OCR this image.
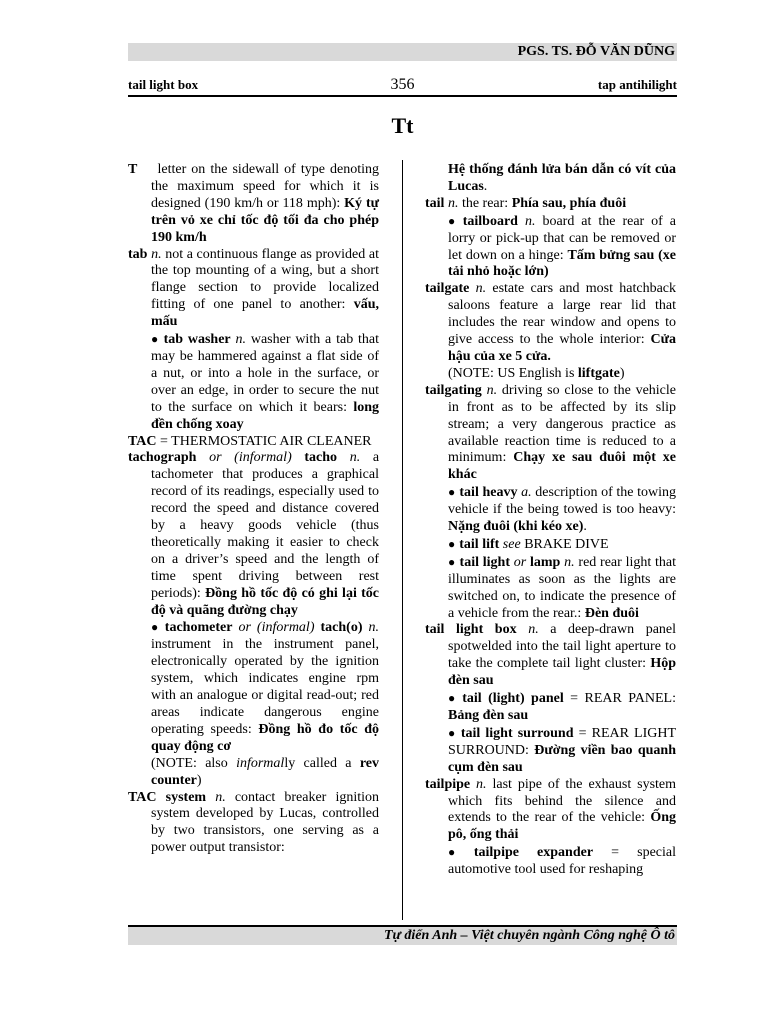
PGS. TS. ĐỖ VĂN DŨNG
tail light box	356	tap antihilight
Tt

T letter on the sidewall of type denoting the maximum speed for which it is designed (190 km/h or 118 mph): Ký tự trên vỏ xe chỉ tốc độ tối đa cho phép 190 km/h

tab n. not a continuous flange as provided at the top mounting of a wing, but a short flange section to provide localized fitting of one panel to another: vấu, mấu

● tab washer n. washer with a tab that may be hammered against a flat side of a nut, or into a hole in the surface, or over an edge, in order to secure the nut to the surface on which it bears: long đền chống xoay

TAC = THERMOSTATIC AIR CLEANER

tachograph or (informal) tacho n. a tachometer that produces a graphical record of its readings, especially used to record the speed and distance covered by a heavy goods vehicle (thus theoretically making it easier to check on a driver’s speed and the length of time spent driving between rest periods): Đồng hồ tốc độ có ghi lại tốc độ và quãng đường chạy

● tachometer or (informal) tach(o) n. instrument in the instrument panel, electronically operated by the ignition system, which indicates engine rpm with an analogue or digital read-out; red areas indicate dangerous engine operating speeds: Đồng hồ đo tốc độ quay động cơ
(NOTE: also informally called a rev counter)

TAC system n. contact breaker ignition system developed by Lucas, controlled by two transistors, one serving as a power output transistor:

Hệ thống đánh lửa bán dẫn có vít của Lucas.

tail n. the rear: Phía sau, phía đuôi

● tailboard n. board at the rear of a lorry or pick-up that can be removed or let down on a hinge: Tấm bửng sau (xe tải nhỏ hoặc lớn)

tailgate n. estate cars and most hatchback saloons feature a large rear lid that includes the rear window and opens to give access to the whole interior: Cửa hậu của xe 5 cửa.
(NOTE: US English is liftgate)

tailgating n. driving so close to the vehicle in front as to be affected by its slip stream; a very dangerous practice as available reaction time is reduced to a minimum: Chạy xe sau đuôi một xe khác

● tail heavy a. description of the towing vehicle if the being towed is too heavy: Nặng đuôi (khi kéo xe).

● tail lift see BRAKE DIVE

● tail light or lamp n. red rear light that illuminates as soon as the lights are switched on, to indicate the presence of a vehicle from the rear.: Đèn đuôi

tail light box n. a deep-drawn panel spotwelded into the tail light aperture to take the complete tail light cluster: Hộp đèn sau

● tail (light) panel = REAR PANEL: Bảng đèn sau

● tail light surround = REAR LIGHT SURROUND: Đường viền bao quanh cụm đèn sau

tailpipe n. last pipe of the exhaust system which fits behind the silence and extends to the rear of the vehicle: Ống pô, ống thải

● tailpipe expander = special automotive tool used for reshaping

Tự điển Anh – Việt chuyên ngành Công nghệ Ô tô
